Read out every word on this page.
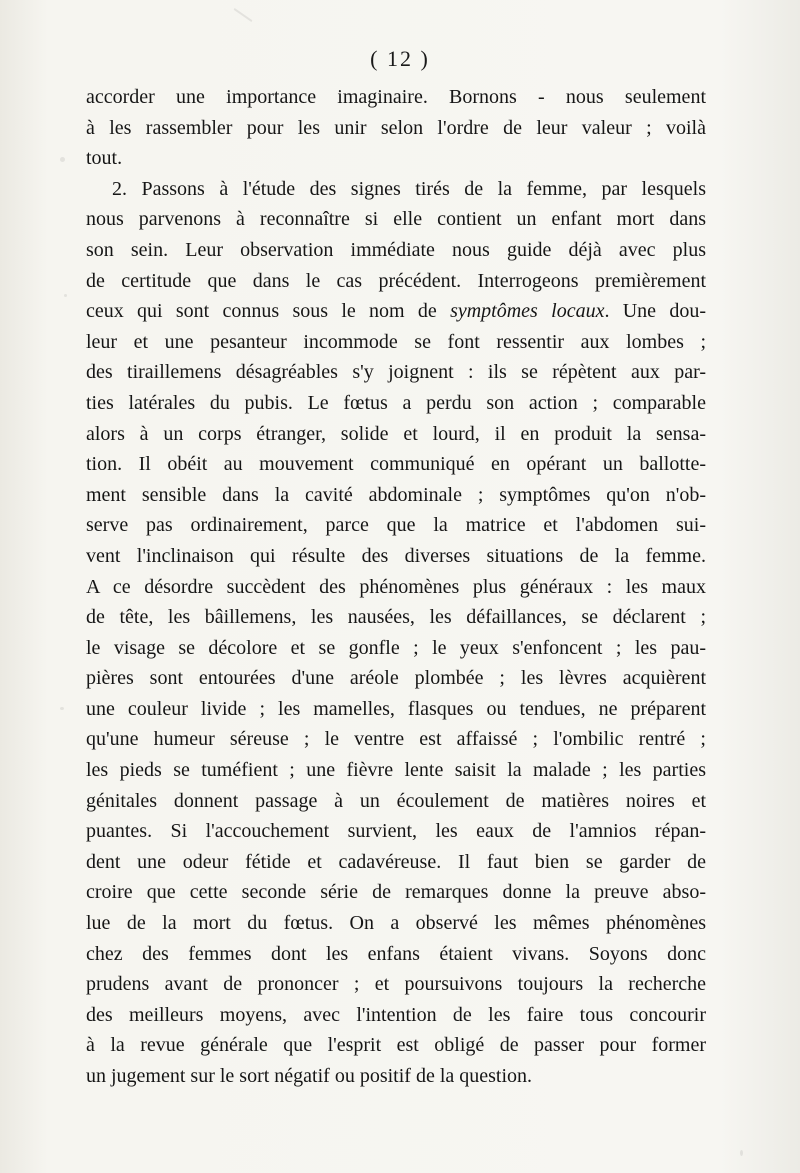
( 12 )

accorder une importance imaginaire. Bornons - nous seulement
à les rassembler pour les unir selon l'ordre de leur valeur ; voilà
tout.

2. Passons à l'étude des signes tirés de la femme, par lesquels
nous parvenons à reconnaître si elle contient un enfant mort dans
son sein. Leur observation immédiate nous guide déjà avec plus
de certitude que dans le cas précédent. Interrogeons premièrement
ceux qui sont connus sous le nom de symptômes locaux. Une dou-
leur et une pesanteur incommode se font ressentir aux lombes ;
des tiraillemens désagréables s'y joignent : ils se répètent aux par-
ties latérales du pubis. Le fœtus a perdu son action ; comparable
alors à un corps étranger, solide et lourd, il en produit la sensa-
tion. Il obéit au mouvement communiqué en opérant un ballotte-
ment sensible dans la cavité abdominale ; symptômes qu'on n'ob-
serve pas ordinairement, parce que la matrice et l'abdomen sui-
vent l'inclinaison qui résulte des diverses situations de la femme.
A ce désordre succèdent des phénomènes plus généraux : les maux
de tête, les bâillemens, les nausées, les défaillances, se déclarent ;
le visage se décolore et se gonfle ; le yeux s'enfoncent ; les pau-
pières sont entourées d'une aréole plombée ; les lèvres acquièrent
une couleur livide ; les mamelles, flasques ou tendues, ne préparent
qu'une humeur séreuse ; le ventre est affaissé ; l'ombilic rentré ;
les pieds se tuméfient ; une fièvre lente saisit la malade ; les parties
génitales donnent passage à un écoulement de matières noires et
puantes. Si l'accouchement survient, les eaux de l'amnios répan-
dent une odeur fétide et cadavéreuse. Il faut bien se garder de
croire que cette seconde série de remarques donne la preuve abso-
lue de la mort du fœtus. On a observé les mêmes phénomènes
chez des femmes dont les enfans étaient vivans. Soyons donc
prudens avant de prononcer ; et poursuivons toujours la recherche
des meilleurs moyens, avec l'intention de les faire tous concourir
à la revue générale que l'esprit est obligé de passer pour former
un jugement sur le sort négatif ou positif de la question.
